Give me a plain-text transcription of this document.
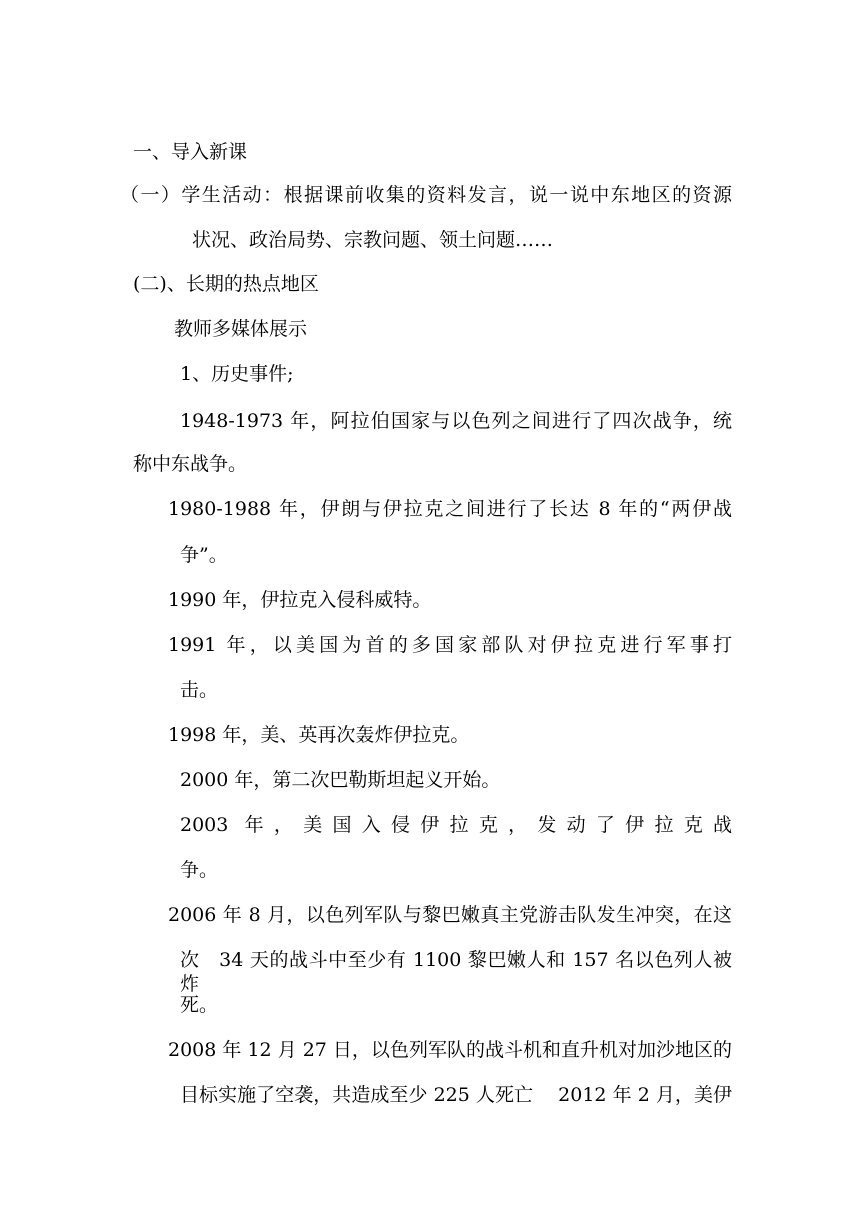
一、导入新课
（一）学生活动：根据课前收集的资料发言，说一说中东地区的资源
状况、政治局势、宗教问题、领土问题……
(二)、长期的热点地区
教师多媒体展示
1、历史事件;
1948-1973 年，阿拉伯国家与以色列之间进行了四次战争，统
称中东战争。
1980-1988 年，伊朗与伊拉克之间进行了长达 8 年的“两伊战
争”。
1990 年，伊拉克入侵科威特。
1991 年，以美国为首的多国家部队对伊拉克进行军事打
击。
1998 年，美、英再次轰炸伊拉克。
2000 年，第二次巴勒斯坦起义开始。
2003 年，美国入侵伊拉克，发动了伊拉克战
争。
2006 年 8 月，以色列军队与黎巴嫩真主党游击队发生冲突，在这
次　34 天的战斗中至少有 1100 黎巴嫩人和 157 名以色列人被炸
死。
2008 年 12 月 27 日，以色列军队的战斗机和直升机对加沙地区的
目标实施了空袭，共造成至少 225 人死亡　 2012 年 2 月，美伊
